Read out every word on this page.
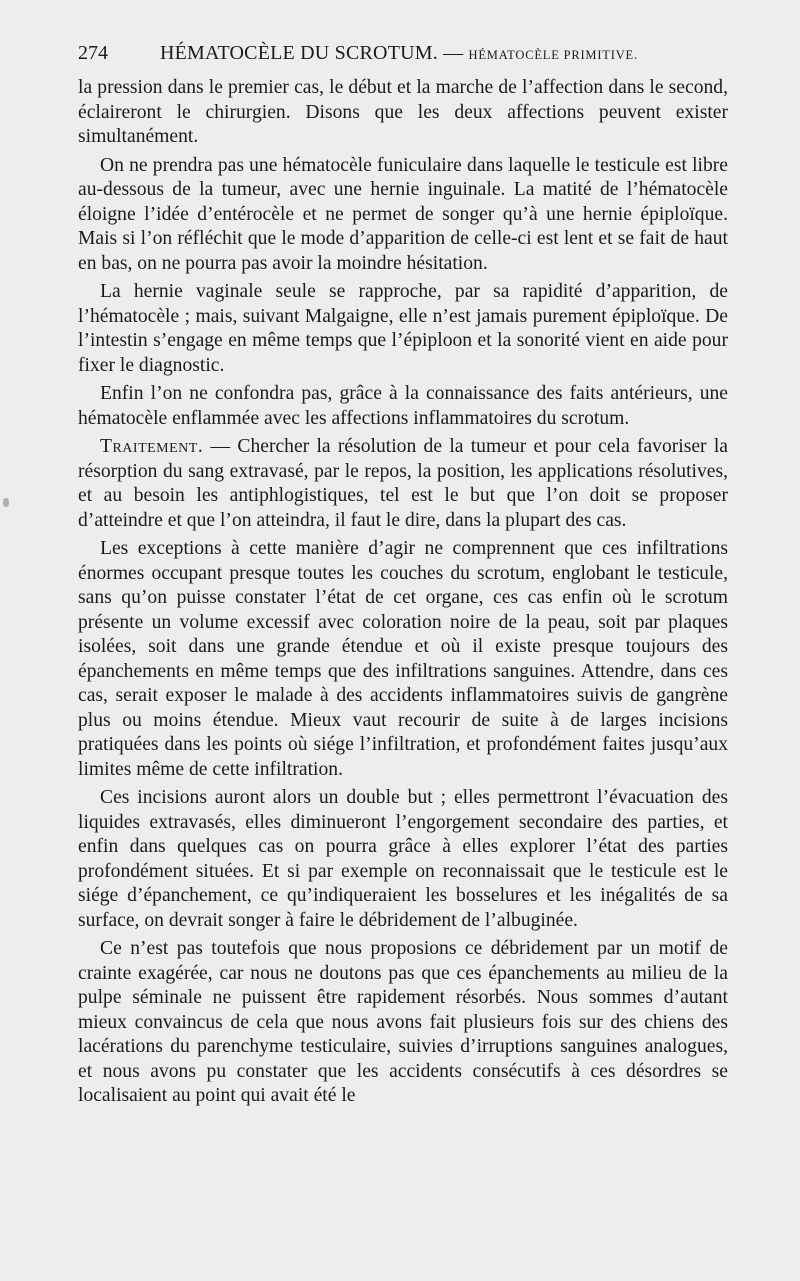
274	HÉMATOCÈLE DU SCROTUM. — HÉMATOCÈLE PRIMITIVE.

la pression dans le premier cas, le début et la marche de l’affection dans le second, éclaireront le chirurgien. Disons que les deux affections peuvent exister simultanément.

On ne prendra pas une hématocèle funiculaire dans laquelle le testicule est libre au-dessous de la tumeur, avec une hernie inguinale. La matité de l’hématocèle éloigne l’idée d’entérocèle et ne permet de songer qu’à une hernie épiploïque. Mais si l’on réfléchit que le mode d’apparition de celle-ci est lent et se fait de haut en bas, on ne pourra pas avoir la moindre hésitation.

La hernie vaginale seule se rapproche, par sa rapidité d’apparition, de l’hématocèle ; mais, suivant Malgaigne, elle n’est jamais purement épiploïque. De l’intestin s’engage en même temps que l’épiploon et la sonorité vient en aide pour fixer le diagnostic.

Enfin l’on ne confondra pas, grâce à la connaissance des faits antérieurs, une hématocèle enflammée avec les affections inflammatoires du scrotum.

Traitement. — Chercher la résolution de la tumeur et pour cela favoriser la résorption du sang extravasé, par le repos, la position, les applications résolutives, et au besoin les antiphlogistiques, tel est le but que l’on doit se proposer d’atteindre et que l’on atteindra, il faut le dire, dans la plupart des cas.

Les exceptions à cette manière d’agir ne comprennent que ces infiltrations énormes occupant presque toutes les couches du scrotum, englobant le testicule, sans qu’on puisse constater l’état de cet organe, ces cas enfin où le scrotum présente un volume excessif avec coloration noire de la peau, soit par plaques isolées, soit dans une grande étendue et où il existe presque toujours des épanchements en même temps que des infiltrations sanguines. Attendre, dans ces cas, serait exposer le malade à des accidents inflammatoires suivis de gangrène plus ou moins étendue. Mieux vaut recourir de suite à de larges incisions pratiquées dans les points où siége l’infiltration, et profondément faites jusqu’aux limites même de cette infiltration.

Ces incisions auront alors un double but ; elles permettront l’évacuation des liquides extravasés, elles diminueront l’engorgement secondaire des parties, et enfin dans quelques cas on pourra grâce à elles explorer l’état des parties profondément situées. Et si par exemple on reconnaissait que le testicule est le siége d’épanchement, ce qu’indiqueraient les bosselures et les inégalités de sa surface, on devrait songer à faire le débridement de l’albuginée.

Ce n’est pas toutefois que nous proposions ce débridement par un motif de crainte exagérée, car nous ne doutons pas que ces épanchements au milieu de la pulpe séminale ne puissent être rapidement résorbés. Nous sommes d’autant mieux convaincus de cela que nous avons fait plusieurs fois sur des chiens des lacérations du parenchyme testiculaire, suivies d’irruptions sanguines analogues, et nous avons pu constater que les accidents consécutifs à ces désordres se localisaient au point qui avait été le
